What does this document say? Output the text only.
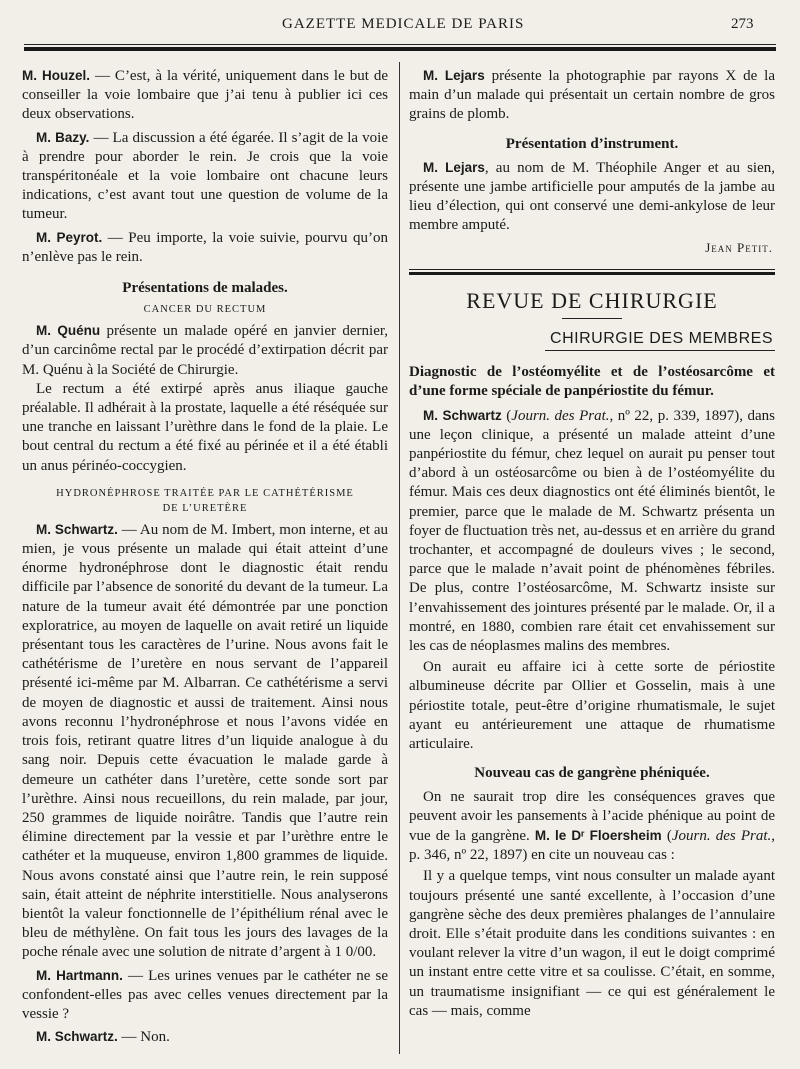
GAZETTE MEDICALE DE PARIS	273

M. Houzel. — C’est, à la vérité, uniquement dans le but de conseiller la voie lombaire que j’ai tenu à publier ici ces deux observations.

M. Bazy. — La discussion a été égarée. Il s’agit de la voie à prendre pour aborder le rein. Je crois que la voie transpéritonéale et la voie lombaire ont chacune leurs indications, c’est avant tout une question de volume de la tumeur.

M. Peyrot. — Peu importe, la voie suivie, pourvu qu’on n’enlève pas le rein.

Présentations de malades.

CANCER DU RECTUM

M. Quénu présente un malade opéré en janvier dernier, d’un carcinôme rectal par le procédé d’extirpation décrit par M. Quénu à la Société de Chirurgie.

Le rectum a été extirpé après anus iliaque gauche préalable. Il adhérait à la prostate, laquelle a été réséquée sur une tranche en laissant l’urèthre dans le fond de la plaie. Le bout central du rectum a été fixé au périnée et il a été établi un anus périnéo-coccygien.

HYDRONÉPHROSE TRAITÉE PAR LE CATHÉTÉRISME

DE L’URETÈRE

M. Schwartz. — Au nom de M. Imbert, mon interne, et au mien, je vous présente un malade qui était atteint d’une énorme hydronéphrose dont le diagnostic était rendu difficile par l’absence de sonorité du devant de la tumeur. La nature de la tumeur avait été démontrée par une ponction exploratrice, au moyen de laquelle on avait retiré un liquide présentant tous les caractères de l’urine. Nous avons fait le cathétérisme de l’uretère en nous servant de l’appareil présenté ici-même par M. Albarran. Ce cathétérisme a servi de moyen de diagnostic et aussi de traitement. Ainsi nous avons reconnu l’hydronéphrose et nous l’avons vidée en trois fois, retirant quatre litres d’un liquide analogue à du sang noir. Depuis cette évacuation le malade garde à demeure un cathéter dans l’uretère, cette sonde sort par l’urèthre. Ainsi nous recueillons, du rein malade, par jour, 250 grammes de liquide noirâtre. Tandis que l’autre rein élimine directement par la vessie et par l’urèthre entre le cathéter et la muqueuse, environ 1,800 grammes de liquide. Nous avons constaté ainsi que l’autre rein, le rein supposé sain, était atteint de néphrite interstitielle. Nous analyserons bientôt la valeur fonctionnelle de l’épithélium rénal avec le bleu de méthylène. On fait tous les jours des lavages de la poche rénale avec une solution de nitrate d’argent à 1 0/00.

M. Hartmann. — Les urines venues par le cathéter ne se confondent-elles pas avec celles venues directement par la vessie ?

M. Schwartz. — Non.

M. Lejars présente la photographie par rayons X de la main d’un malade qui présentait un certain nombre de gros grains de plomb.

Présentation d’instrument.

M. Lejars, au nom de M. Théophile Anger et au sien, présente une jambe artificielle pour amputés de la jambe au lieu d’élection, qui ont conservé une demi-ankylose de leur membre amputé.

Jean Petit.

REVUE DE CHIRURGIE

CHIRURGIE DES MEMBRES

Diagnostic de l’ostéomyélite et de l’ostéosarcôme et d’une forme spéciale de panpériostite du fémur.

M. Schwartz (Journ. des Prat., nº 22, p. 339, 1897), dans une leçon clinique, a présenté un malade atteint d’une panpériostite du fémur, chez lequel on aurait pu penser tout d’abord à un ostéosarcôme ou bien à de l’ostéomyélite du fémur. Mais ces deux diagnostics ont été éliminés bientôt, le premier, parce que le malade de M. Schwartz présenta un foyer de fluctuation très net, au-dessus et en arrière du grand trochanter, et accompagné de douleurs vives ; le second, parce que le malade n’avait point de phénomènes fébriles. De plus, contre l’ostéosarcôme, M. Schwartz insiste sur l’envahissement des jointures présenté par le malade. Or, il a montré, en 1880, combien rare était cet envahissement sur les cas de néoplasmes malins des membres.

On aurait eu affaire ici à cette sorte de périostite albumineuse décrite par Ollier et Gosselin, mais à une périostite totale, peut-être d’origine rhumatismale, le sujet ayant eu antérieurement une attaque de rhumatisme articulaire.

Nouveau cas de gangrène phéniquée.

On ne saurait trop dire les conséquences graves que peuvent avoir les pansements à l’acide phénique au point de vue de la gangrène. M. le Dʳ Floersheim (Journ. des Prat., p. 346, nº 22, 1897) en cite un nouveau cas :

Il y a quelque temps, vint nous consulter un malade ayant toujours présenté une santé excellente, à l’occasion d’une gangrène sèche des deux premières phalanges de l’annulaire droit. Elle s’était produite dans les conditions suivantes : en voulant relever la vitre d’un wagon, il eut le doigt comprimé un instant entre cette vitre et sa coulisse. C’était, en somme, un traumatisme insignifiant — ce qui est généralement le cas — mais, comme
